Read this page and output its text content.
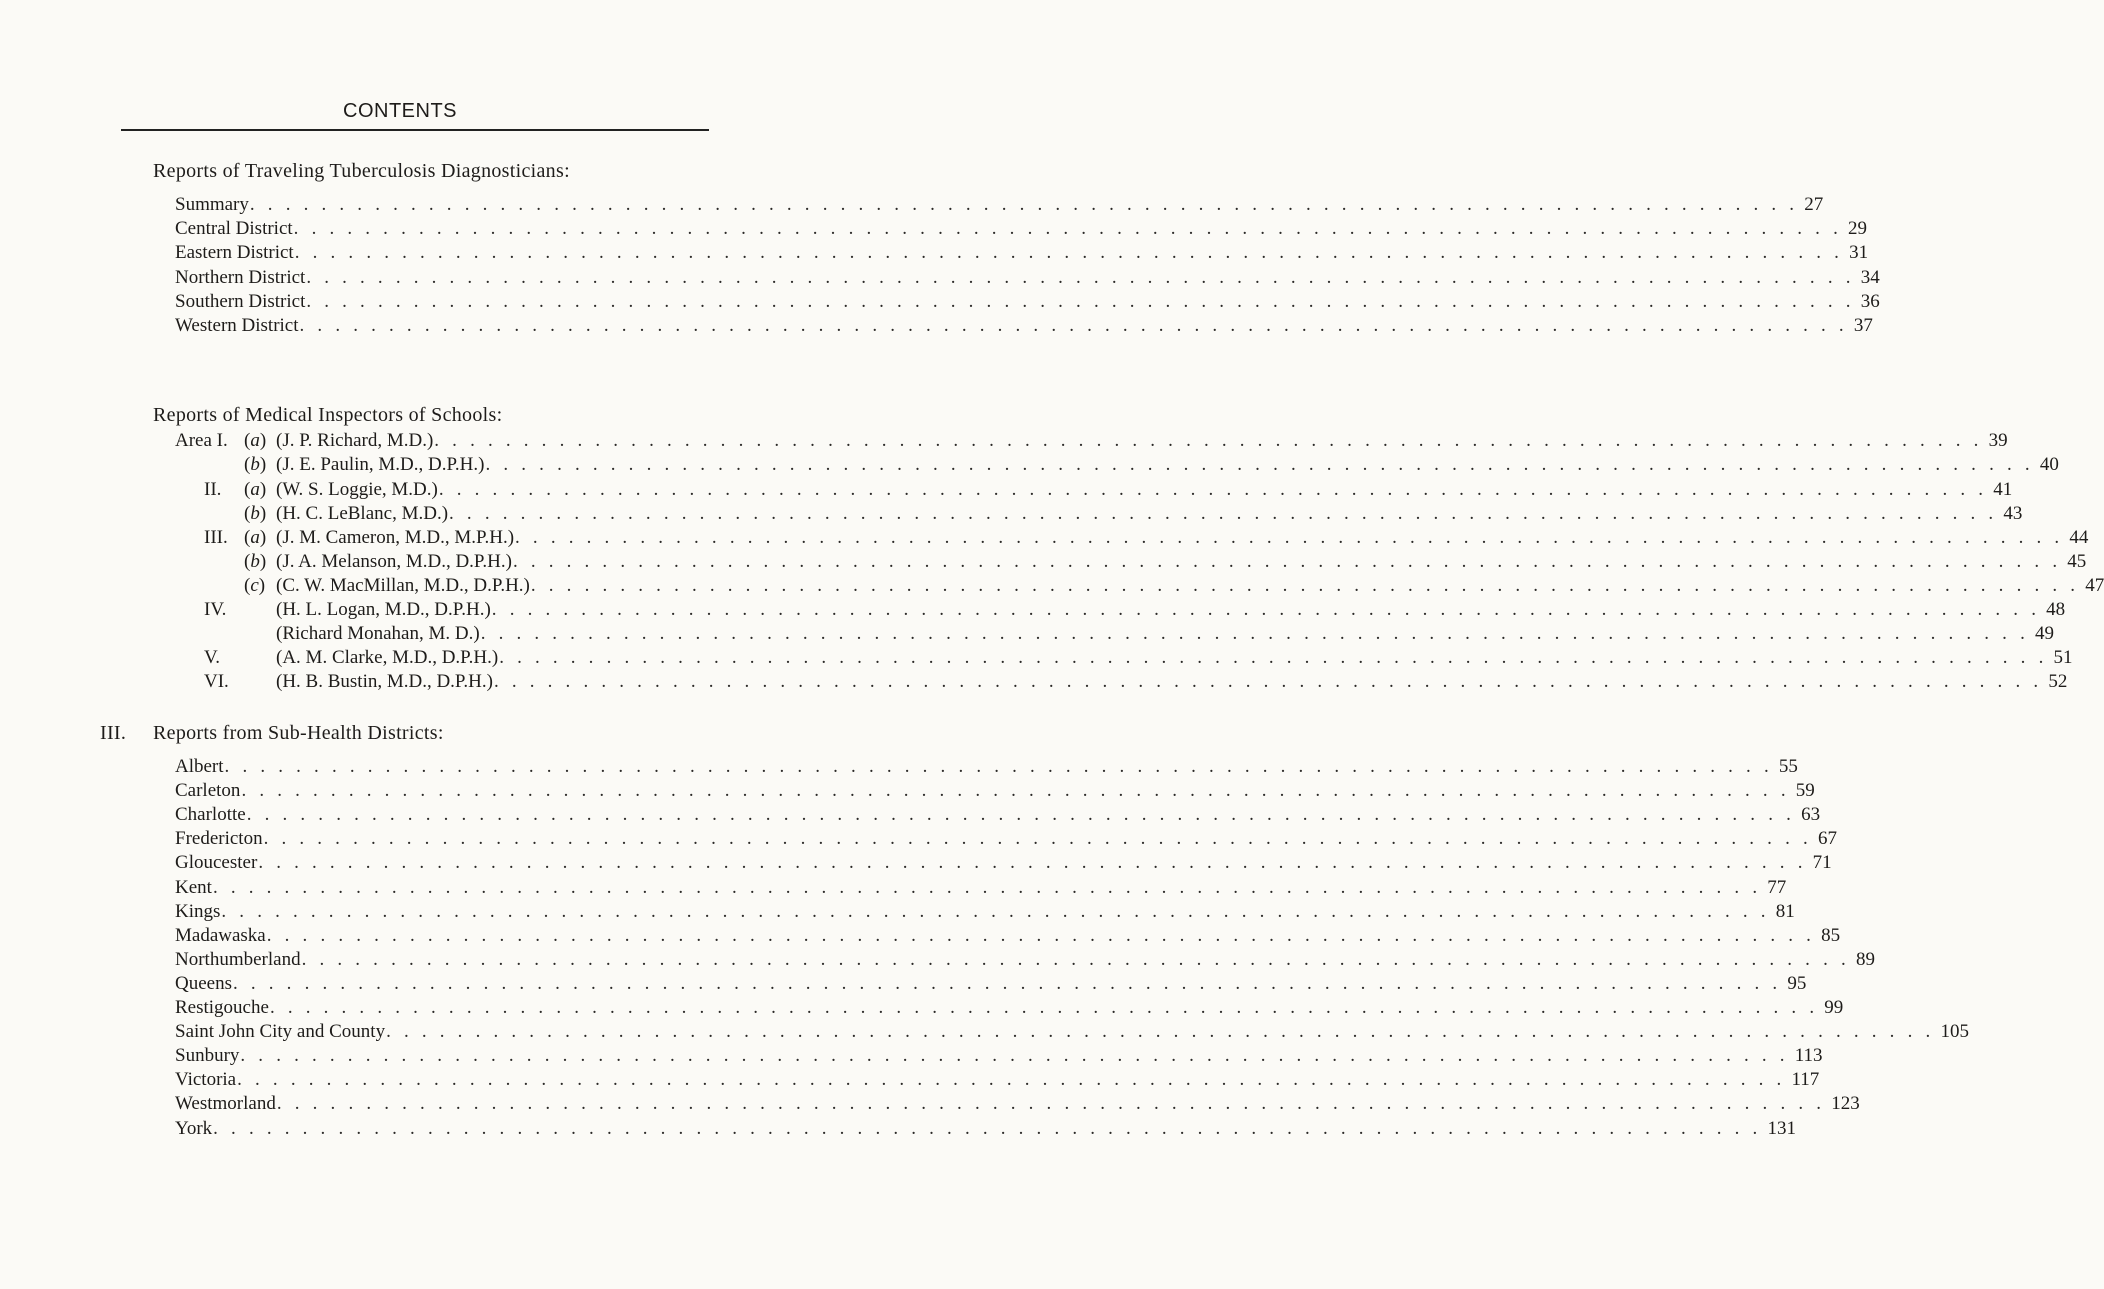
CONTENTS
Reports of Traveling Tuberculosis Diagnosticians:
Summary . . . . . . . . . . . . . . . . . . . . . . . . . . . . . . . . . . . . . . . . . . . . . . . . . . . . . . . . . . . . . . . . . . . . . . . . . . . . . . . . . . . . . . . 27
Central District . . . . . . . . . . . . . . . . . . . . . . . . . . . . . . . . . . . . . . . . . . . . . . . . . . . . . . . . . . . . . . . . . . . . . . . . . . . . . . . . . . . . . . . 29
Eastern District . . . . . . . . . . . . . . . . . . . . . . . . . . . . . . . . . . . . . . . . . . . . . . . . . . . . . . . . . . . . . . . . . . . . . . . . . . . . . . . . . . . . . . . 31
Northern District . . . . . . . . . . . . . . . . . . . . . . . . . . . . . . . . . . . . . . . . . . . . . . . . . . . . . . . . . . . . . . . . . . . . . . . . . . . . . . . . . . . . . . . 34
Southern District . . . . . . . . . . . . . . . . . . . . . . . . . . . . . . . . . . . . . . . . . . . . . . . . . . . . . . . . . . . . . . . . . . . . . . . . . . . . . . . . . . . . . . . 36
Western District . . . . . . . . . . . . . . . . . . . . . . . . . . . . . . . . . . . . . . . . . . . . . . . . . . . . . . . . . . . . . . . . . . . . . . . . . . . . . . . . . . . . . . . 37
Reports of Medical Inspectors of Schools:
Area I. (a) (J. P. Richard, M.D.) . . . . . . . . . . . . . . . . . . . . . . . . . . . . . . . . . . . . . . . . . . . . . . . . . . . . . . . . . . . . . . . . . . . . . . . . . . . . . . . . . . . . . . . 39
(b) (J. E. Paulin, M.D., D.P.H.) . . . . . . . . . . . . . . . . . . . . . . . . . . . . . . . . . . . . . . . . . . . . . . . . . . . . . . . . . . . . . . . . . . . . . . . . . . . . . . . . . . . . . . . 40
II. (a) (W. S. Loggie, M.D.) . . . . . . . . . . . . . . . . . . . . . . . . . . . . . . . . . . . . . . . . . . . . . . . . . . . . . . . . . . . . . . . . . . . . . . . . . . . . . . . . . . . . . . . 41
(b) (H. C. LeBlanc, M.D.) . . . . . . . . . . . . . . . . . . . . . . . . . . . . . . . . . . . . . . . . . . . . . . . . . . . . . . . . . . . . . . . . . . . . . . . . . . . . . . . . . . . . . . . 43
III. (a) (J. M. Cameron, M.D., M.P.H.) . . . . . . . . . . . . . . . . . . . . . . . . . . . . . . . . . . . . . . . . . . . . . . . . . . . . . . . . . . . . . . . . . . . . . . . . . . . . . . . . . . . . . . . 44
(b) (J. A. Melanson, M.D., D.P.H.) . . . . . . . . . . . . . . . . . . . . . . . . . . . . . . . . . . . . . . . . . . . . . . . . . . . . . . . . . . . . . . . . . . . . . . . . . . . . . . . . . . . . . . . 45
(c) (C. W. MacMillan, M.D., D.P.H.) . . . . . . . . . . . . . . . . . . . . . . . . . . . . . . . . . . . . . . . . . . . . . . . . . . . . . . . . . . . . . . . . . . . . . . . . . . . . . . . . . . . . . . . 47
IV.	(H. L. Logan, M.D., D.P.H.) . . . . . . . . . . . . . . . . . . . . . . . . . . . . . . . . . . . . . . . . . . . . . . . . . . . . . . . . . . . . . . . . . . . . . . . . . . . . . . . . . . . . . . . 48
(Richard Monahan, M. D.) . . . . . . . . . . . . . . . . . . . . . . . . . . . . . . . . . . . . . . . . . . . . . . . . . . . . . . . . . . . . . . . . . . . . . . . . . . . . . . . . . . . . . . . 49
V.	(A. M. Clarke, M.D., D.P.H.) . . . . . . . . . . . . . . . . . . . . . . . . . . . . . . . . . . . . . . . . . . . . . . . . . . . . . . . . . . . . . . . . . . . . . . . . . . . . . . . . . . . . . . . 51
VI. (H. B. Bustin, M.D., D.P.H.) . . . . . . . . . . . . . . . . . . . . . . . . . . . . . . . . . . . . . . . . . . . . . . . . . . . . . . . . . . . . . . . . . . . . . . . . . . . . . . . . . . . . . . . 52
III. Reports from Sub-Health Districts:
Albert . . . . . . . . . . . . . . . . . . . . . . . . . . . . . . . . . . . . . . . . . . . . . . . . . . . . . . . . . . . . . . . . . . . . . . . . . . . . . . . . . . . . . . . 55
Carleton . . . . . . . . . . . . . . . . . . . . . . . . . . . . . . . . . . . . . . . . . . . . . . . . . . . . . . . . . . . . . . . . . . . . . . . . . . . . . . . . . . . . . . . 59
Charlotte . . . . . . . . . . . . . . . . . . . . . . . . . . . . . . . . . . . . . . . . . . . . . . . . . . . . . . . . . . . . . . . . . . . . . . . . . . . . . . . . . . . . . . . 63
Fredericton . . . . . . . . . . . . . . . . . . . . . . . . . . . . . . . . . . . . . . . . . . . . . . . . . . . . . . . . . . . . . . . . . . . . . . . . . . . . . . . . . . . . . . . 67
Gloucester . . . . . . . . . . . . . . . . . . . . . . . . . . . . . . . . . . . . . . . . . . . . . . . . . . . . . . . . . . . . . . . . . . . . . . . . . . . . . . . . . . . . . . . 71
Kent . . . . . . . . . . . . . . . . . . . . . . . . . . . . . . . . . . . . . . . . . . . . . . . . . . . . . . . . . . . . . . . . . . . . . . . . . . . . . . . . . . . . . . . 77
Kings . . . . . . . . . . . . . . . . . . . . . . . . . . . . . . . . . . . . . . . . . . . . . . . . . . . . . . . . . . . . . . . . . . . . . . . . . . . . . . . . . . . . . . . 81
Madawaska . . . . . . . . . . . . . . . . . . . . . . . . . . . . . . . . . . . . . . . . . . . . . . . . . . . . . . . . . . . . . . . . . . . . . . . . . . . . . . . . . . . . . . . 85
Northumberland . . . . . . . . . . . . . . . . . . . . . . . . . . . . . . . . . . . . . . . . . . . . . . . . . . . . . . . . . . . . . . . . . . . . . . . . . . . . . . . . . . . . . . . 89
Queens . . . . . . . . . . . . . . . . . . . . . . . . . . . . . . . . . . . . . . . . . . . . . . . . . . . . . . . . . . . . . . . . . . . . . . . . . . . . . . . . . . . . . . . 95
Restigouche . . . . . . . . . . . . . . . . . . . . . . . . . . . . . . . . . . . . . . . . . . . . . . . . . . . . . . . . . . . . . . . . . . . . . . . . . . . . . . . . . . . . . . . 99
Saint John City and County . . . . . . . . . . . . . . . . . . . . . . . . . . . . . . . . . . . . . . . . . . . . . . . . . . . . . . . . . . . . . . . . . . . . . . . . . . . . . . . . . . . . . . . 105
Sunbury . . . . . . . . . . . . . . . . . . . . . . . . . . . . . . . . . . . . . . . . . . . . . . . . . . . . . . . . . . . . . . . . . . . . . . . . . . . . . . . . . . . . . . . 113
Victoria . . . . . . . . . . . . . . . . . . . . . . . . . . . . . . . . . . . . . . . . . . . . . . . . . . . . . . . . . . . . . . . . . . . . . . . . . . . . . . . . . . . . . . . 117
Westmorland . . . . . . . . . . . . . . . . . . . . . . . . . . . . . . . . . . . . . . . . . . . . . . . . . . . . . . . . . . . . . . . . . . . . . . . . . . . . . . . . . . . . . . . 123
York . . . . . . . . . . . . . . . . . . . . . . . . . . . . . . . . . . . . . . . . . . . . . . . . . . . . . . . . . . . . . . . . . . . . . . . . . . . . . . . . . . . . . . . 131
